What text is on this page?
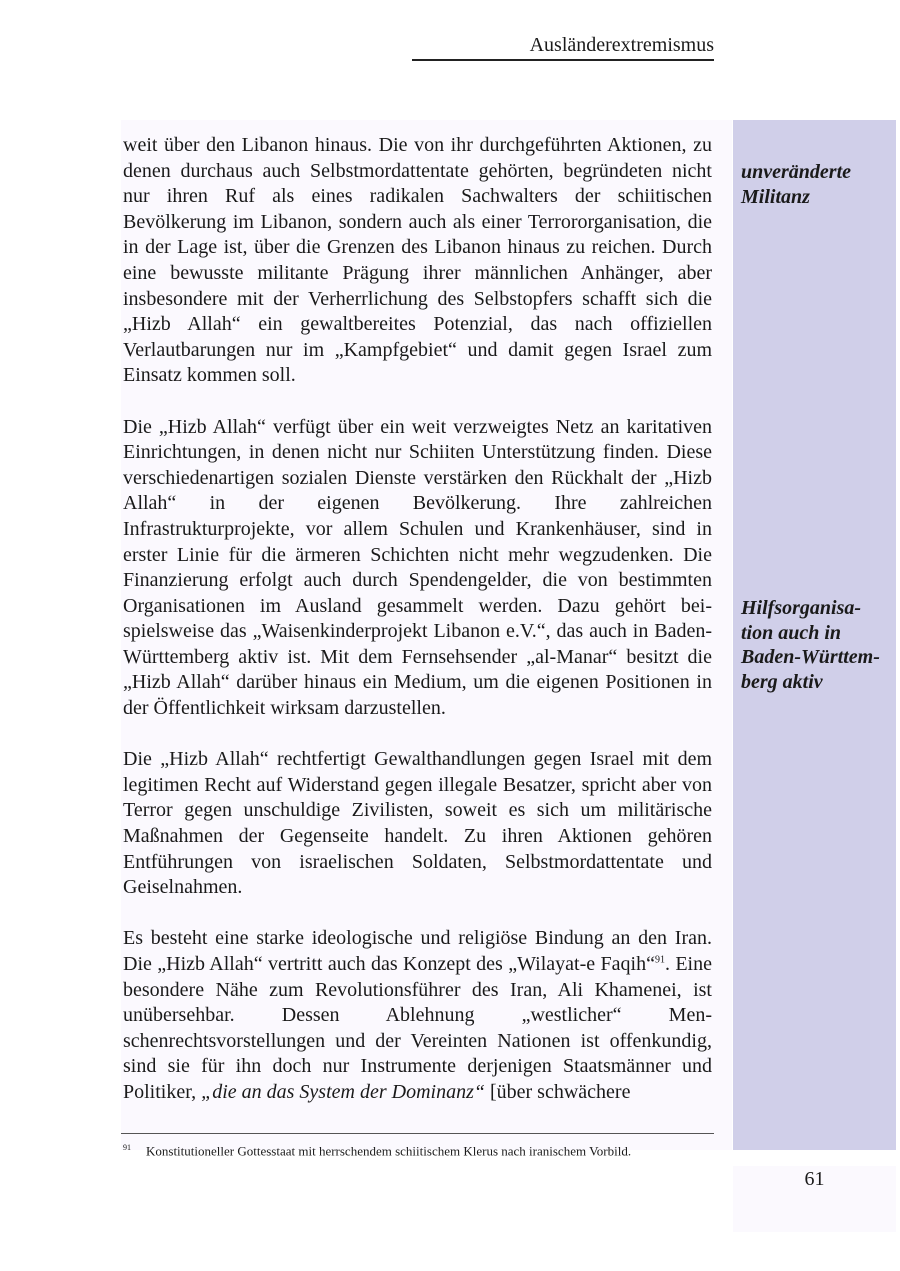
Ausländerextremismus
unveränderte
Militanz
Hilfsorganisa-
tion auch in
Baden-Württem-
berg aktiv

weit über den Libanon hinaus. Die von ihr durchgeführten Aktionen, zu denen durchaus auch Selbstmordattentate gehörten, begründeten nicht nur ihren Ruf als eines radikalen Sachwalters der schiitischen Bevölkerung im Libanon, sondern auch als einer Terrororganisation, die in der Lage ist, über die Grenzen des Libanon hinaus zu reichen. Durch eine bewusste militante Prägung ihrer männlichen Anhänger, aber insbesondere mit der Verherrlichung des Selbstopfers schafft sich die „Hizb Allah“ ein gewaltbereites Potenzial, das nach offiziellen Verlautbarungen nur im „Kampfgebiet“ und damit gegen Israel zum Einsatz kommen soll.

Die „Hizb Allah“ verfügt über ein weit verzweigtes Netz an karitativen Einrichtungen, in denen nicht nur Schiiten Unterstützung finden. Diese verschiedenartigen sozialen Dienste verstärken den Rückhalt der „Hizb Allah“ in der eigenen Bevölkerung. Ihre zahlreichen Infrastrukturprojekte, vor allem Schulen und Krankenhäuser, sind in erster Linie für die ärmeren Schichten nicht mehr wegzudenken. Die Finanzierung erfolgt auch durch Spendengelder, die von bestimmten Organisationen im Ausland gesammelt werden. Dazu gehört beispielsweise das „Waisenkinderprojekt Libanon e.V.“, das auch in Baden-Württemberg aktiv ist. Mit dem Fernsehsender „al-Manar“ besitzt die „Hizb Allah“ darüber hinaus ein Medium, um die eigenen Positionen in der Öffentlichkeit wirksam darzustellen.

Die „Hizb Allah“ rechtfertigt Gewalthandlungen gegen Israel mit dem legitimen Recht auf Widerstand gegen illegale Besatzer, spricht aber von Terror gegen unschuldige Zivilisten, soweit es sich um militärische Maßnahmen der Gegenseite handelt. Zu ihren Aktionen gehören Entführungen von israelischen Soldaten, Selbstmordattentate und Geiselnahmen.

Es besteht eine starke ideologische und religiöse Bindung an den Iran. Die „Hizb Allah“ vertritt auch das Konzept des „Wilayat-e Faqih“$^{91}$. Eine besondere Nähe zum Revolutionsführer des Iran, Ali Khamenei, ist unübersehbar. Dessen Ablehnung „westlicher“ Menschenrechtsvorstellungen und der Vereinten Nationen ist offenkundig, sind sie für ihn doch nur Instrumente derjenigen Staatsmänner und Politiker, „die an das System der Dominanz“ [über schwächere

$^{91}$ Konstitutioneller Gottesstaat mit herrschendem schiitischem Klerus nach iranischem Vorbild.
61
